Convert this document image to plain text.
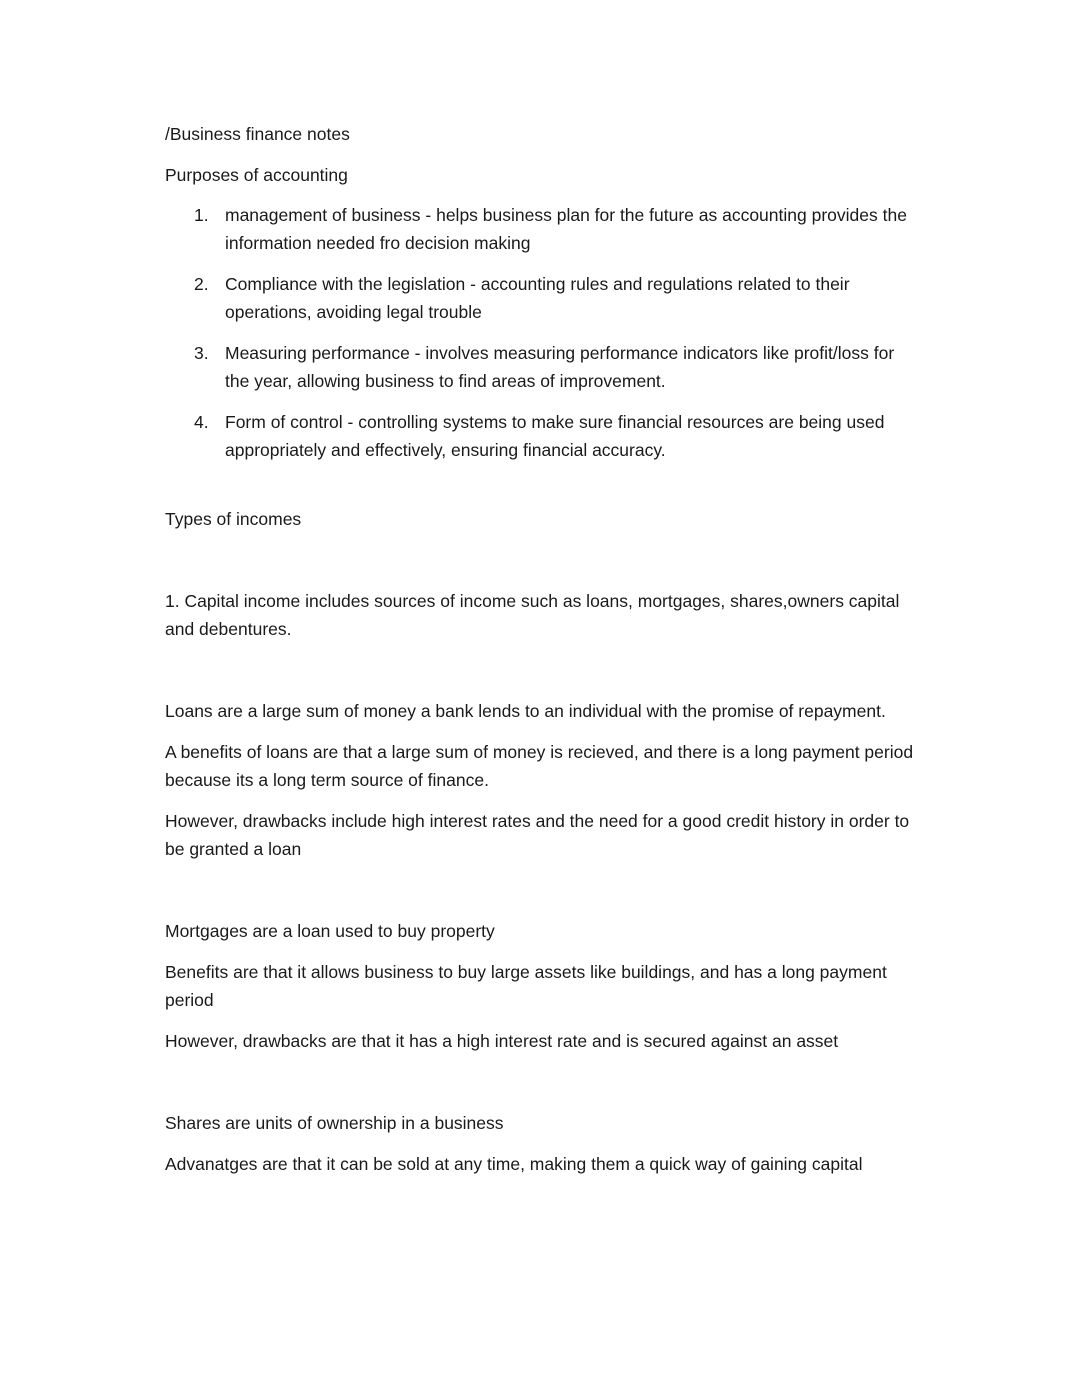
/Business finance notes

Purposes of accounting

1. management of business - helps business plan for the future as accounting provides the information needed fro decision making
2. Compliance with the legislation - accounting rules and regulations related to their operations, avoiding legal trouble
3. Measuring performance - involves measuring performance indicators like profit/loss for the year, allowing business to find areas of improvement.
4. Form of control - controlling systems to make sure financial resources are being used appropriately and effectively, ensuring financial accuracy.

Types of incomes

1. Capital income includes sources of income such as loans, mortgages, shares,owners capital and debentures.

Loans are a large sum of money a bank lends to an individual with the promise of repayment.

A benefits of loans are that a large sum of money is recieved, and there is a long payment period because its a long term source of finance.

However, drawbacks include high interest rates and the need for a good credit history in order to be granted a loan

Mortgages are a loan used to buy property

Benefits are that it allows business to buy large assets like buildings, and has a long payment period

However, drawbacks are that it has a high interest rate and is secured against an asset

Shares are units of ownership in a business

Advanatges are that it can be sold at any time, making them a quick way of gaining capital
